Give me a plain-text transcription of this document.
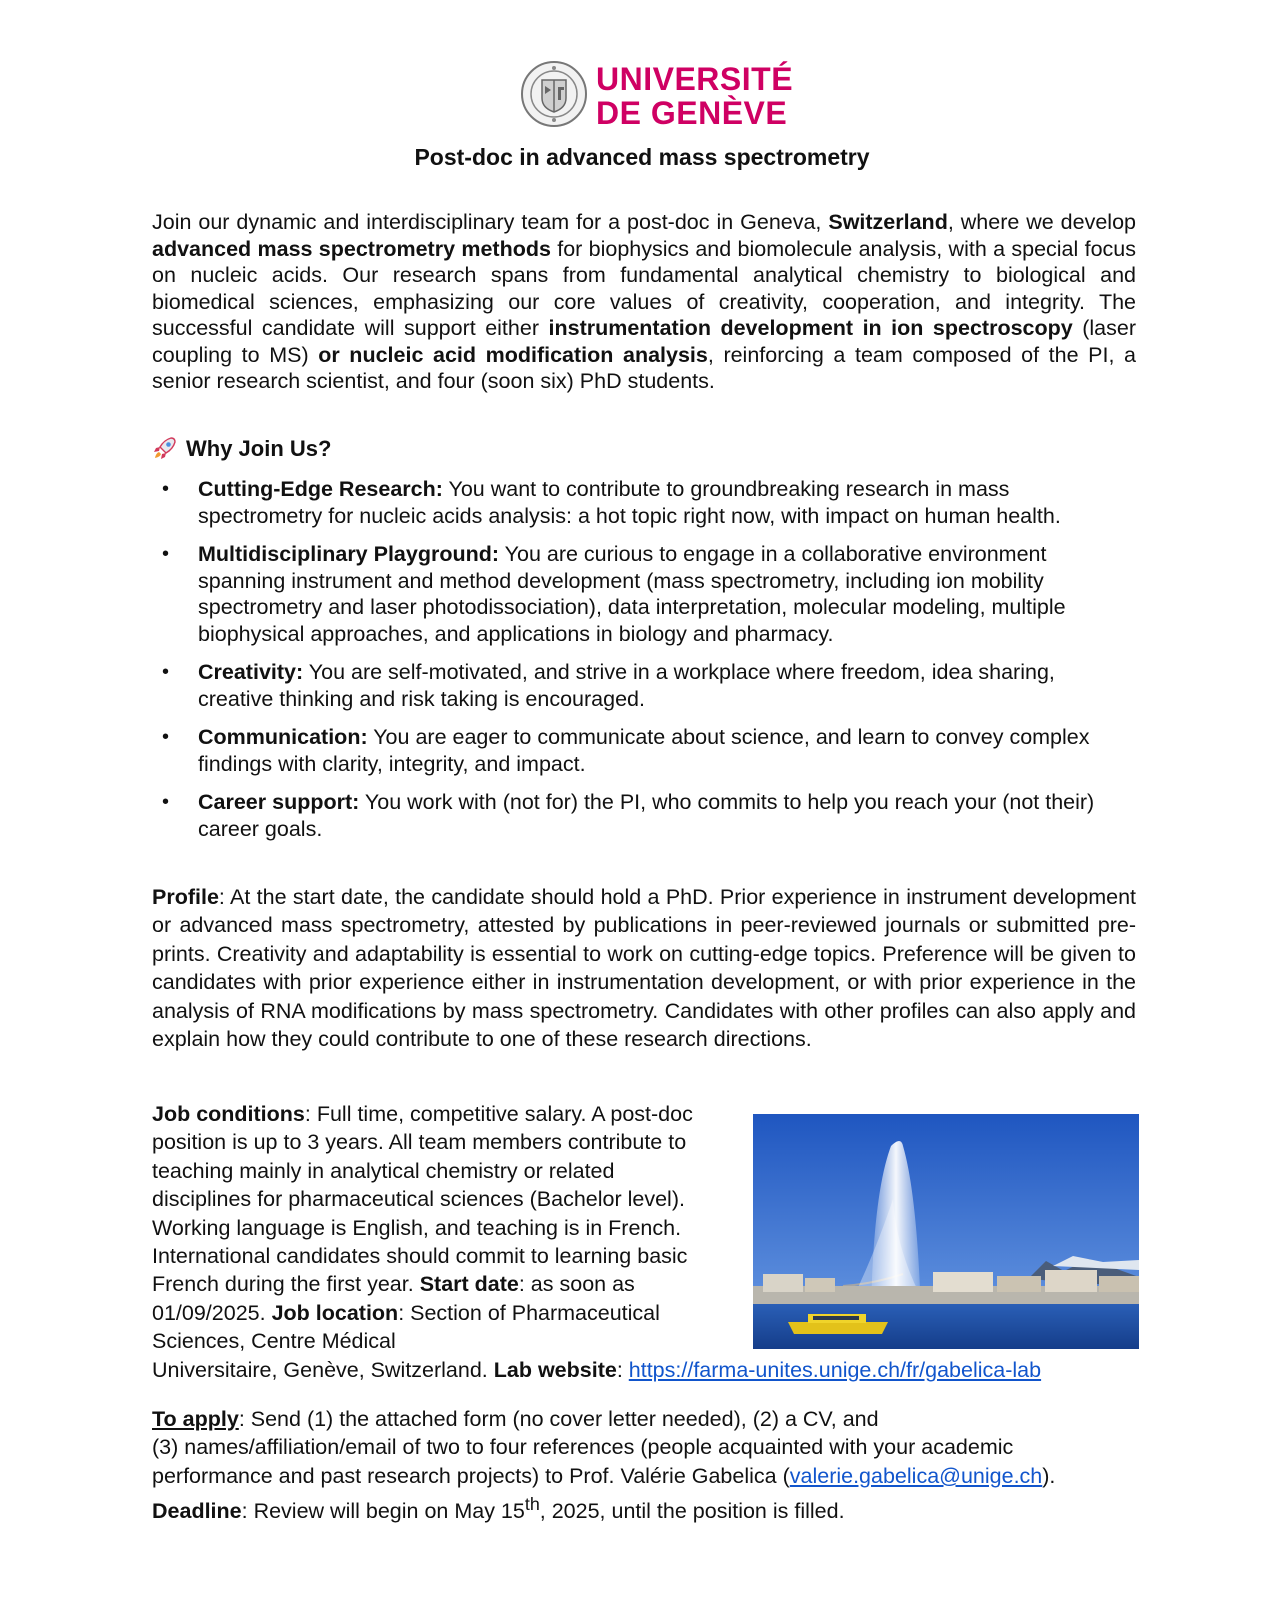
UNIVERSITÉ
DE GENÈVE
Post-doc in advanced mass spectrometry
Join our dynamic and interdisciplinary team for a post-doc in Geneva, Switzerland, where we develop advanced mass spectrometry methods for biophysics and biomolecule analysis, with a special focus on nucleic acids. Our research spans from fundamental analytical chemistry to biological and biomedical sciences, emphasizing our core values of creativity, cooperation, and integrity. The successful candidate will support either instrumentation development in ion spectroscopy (laser coupling to MS) or nucleic acid modification analysis, reinforcing a team composed of the PI, a senior research scientist, and four (soon six) PhD students.
Why Join Us?
• Cutting-Edge Research: You want to contribute to groundbreaking research in mass spectrometry for nucleic acids analysis: a hot topic right now, with impact on human health.
• Multidisciplinary Playground: You are curious to engage in a collaborative environment spanning instrument and method development (mass spectrometry, including ion mobility spectrometry and laser photodissociation), data interpretation, molecular modeling, multiple biophysical approaches, and applications in biology and pharmacy.
• Creativity: You are self-motivated, and strive in a workplace where freedom, idea sharing, creative thinking and risk taking is encouraged.
• Communication: You are eager to communicate about science, and learn to convey complex findings with clarity, integrity, and impact.
• Career support: You work with (not for) the PI, who commits to help you reach your (not their) career goals.
Profile: At the start date, the candidate should hold a PhD. Prior experience in instrument development or advanced mass spectrometry, attested by publications in peer-reviewed journals or submitted pre-prints. Creativity and adaptability is essential to work on cutting-edge topics. Preference will be given to candidates with prior experience either in instrumentation development, or with prior experience in the analysis of RNA modifications by mass spectrometry. Candidates with other profiles can also apply and explain how they could contribute to one of these research directions.
Job conditions: Full time, competitive salary. A post-doc position is up to 3 years. All team members contribute to teaching mainly in analytical chemistry or related disciplines for pharmaceutical sciences (Bachelor level). Working language is English, and teaching is in French. International candidates should commit to learning basic French during the first year. Start date: as soon as 01/09/2025. Job location: Section of Pharmaceutical Sciences, Centre Médical
Universitaire, Genève, Switzerland. Lab website: https://farma-unites.unige.ch/fr/gabelica-lab
To apply: Send (1) the attached form (no cover letter needed), (2) a CV, and
(3) names/affiliation/email of two to four references (people acquainted with your academic performance and past research projects) to Prof. Valérie Gabelica (valerie.gabelica@unige.ch).
Deadline: Review will begin on May 15th, 2025, until the position is filled.
